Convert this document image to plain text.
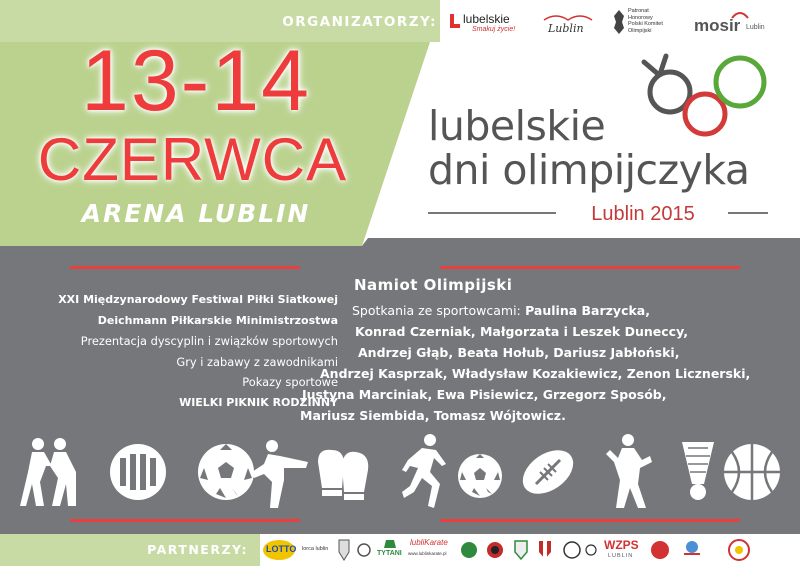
ORGANIZATORZY: lubelskie
Smakuj życie!	Lublin
Patronat
Honorowy
Polski Komitet
Olimpijski	mosir Lublin
13-14
CZERWCA
ARENA LUBLIN
lubelskie
dni olimpijczyka
Lublin 2015
XXI Międzynarodowy Festiwal Piłki Siatkowej
Deichmann Piłkarskie Minimistrzostwa
Prezentacja dyscyplin i związków sportowych
Gry i zabawy z zawodnikami
Pokazy sportowe
WIELKI PIKNIK RODZINNY
Namiot Olimpijski
Spotkania ze sportowcami: Paulina Barzycka,
Konrad Czerniak, Małgorzata i Leszek Duneccy,
Andrzej Głąb, Beata Hołub, Dariusz Jabłoński,
Andrzej Kasprzak, Władysław Kozakiewicz, Zenon Licznerski,
Justyna Marciniak, Ewa Pisiewicz, Grzegorz Sposób,
Mariusz Siembida, Tomasz Wójtowicz.
PARTNERZY: LOTTO lorca lublin
TYTANI
lubliKarate
www.lublinkarate.pl
WZPS
LUBLIN
